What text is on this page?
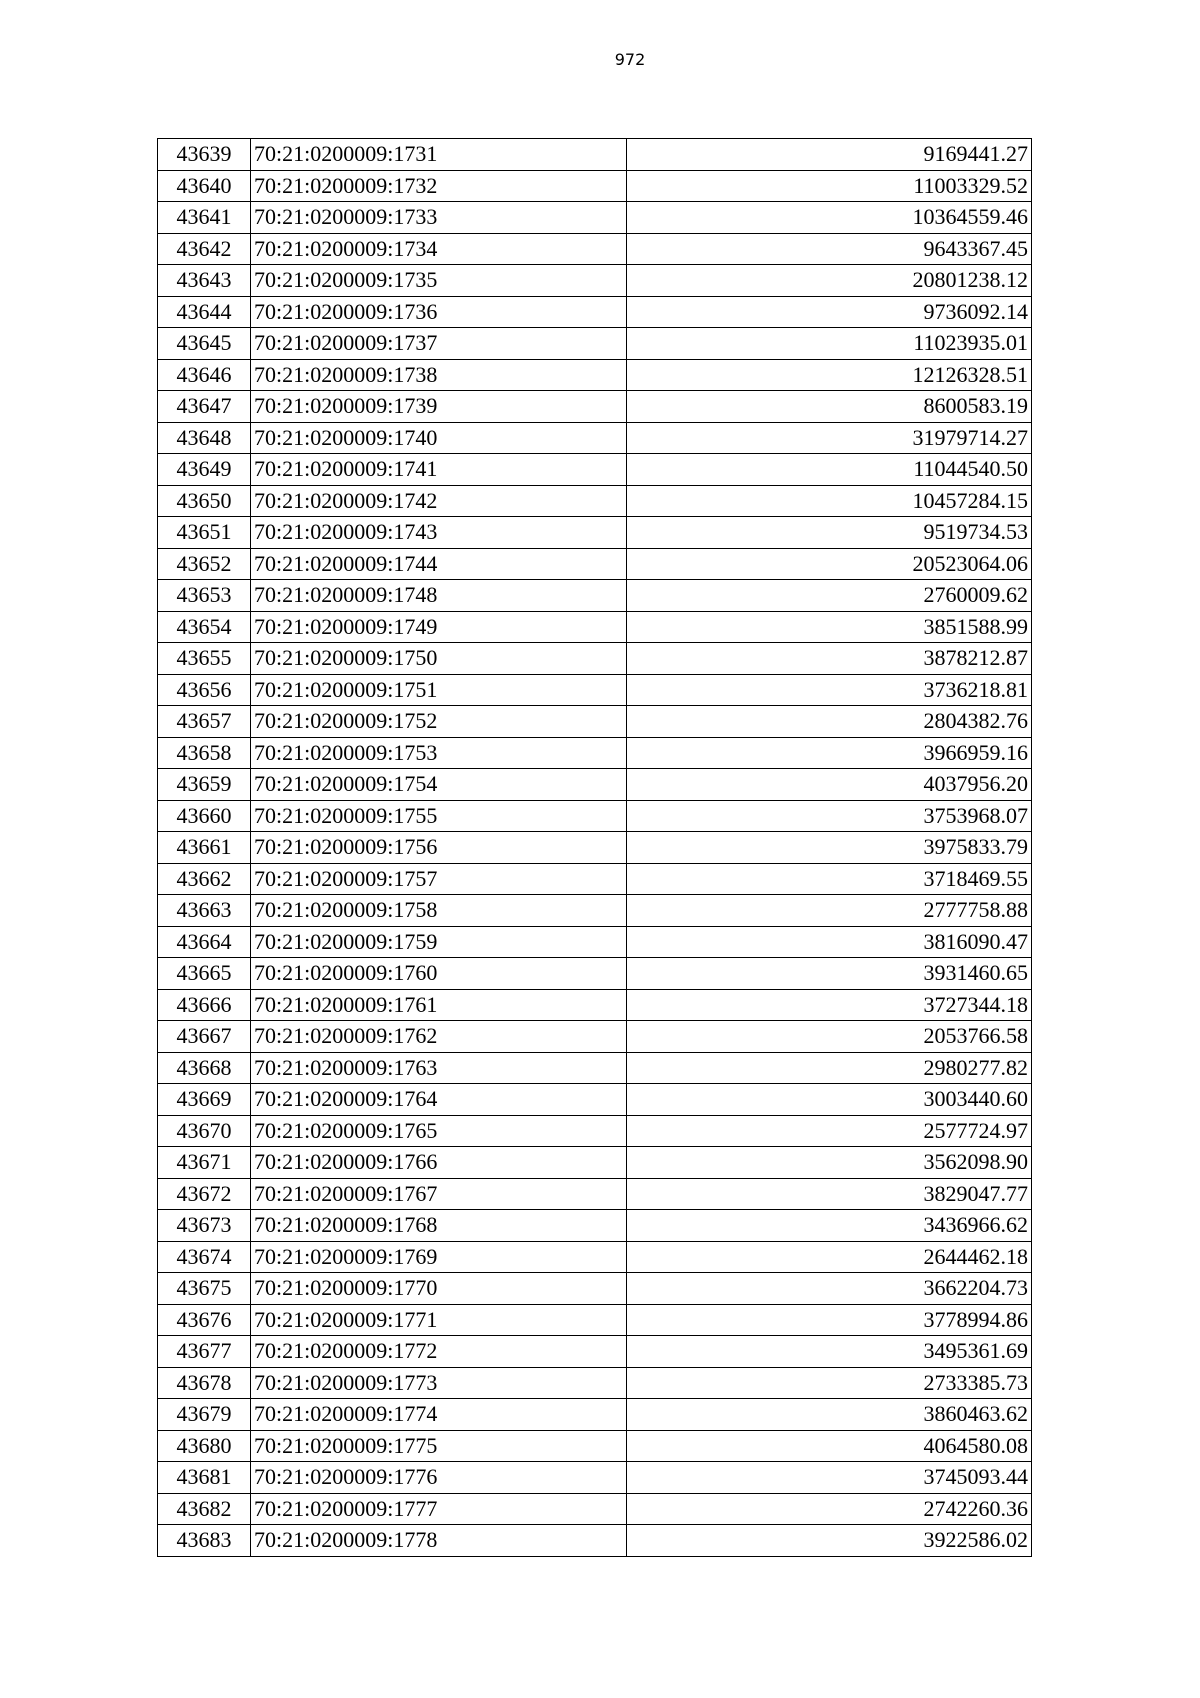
972
43639	70:21:0200009:1731	9169441.27
43640	70:21:0200009:1732	11003329.52
43641	70:21:0200009:1733	10364559.46
43642	70:21:0200009:1734	9643367.45
43643	70:21:0200009:1735	20801238.12
43644	70:21:0200009:1736	9736092.14
43645	70:21:0200009:1737	11023935.01
43646	70:21:0200009:1738	12126328.51
43647	70:21:0200009:1739	8600583.19
43648	70:21:0200009:1740	31979714.27
43649	70:21:0200009:1741	11044540.50
43650	70:21:0200009:1742	10457284.15
43651	70:21:0200009:1743	9519734.53
43652	70:21:0200009:1744	20523064.06
43653	70:21:0200009:1748	2760009.62
43654	70:21:0200009:1749	3851588.99
43655	70:21:0200009:1750	3878212.87
43656	70:21:0200009:1751	3736218.81
43657	70:21:0200009:1752	2804382.76
43658	70:21:0200009:1753	3966959.16
43659	70:21:0200009:1754	4037956.20
43660	70:21:0200009:1755	3753968.07
43661	70:21:0200009:1756	3975833.79
43662	70:21:0200009:1757	3718469.55
43663	70:21:0200009:1758	2777758.88
43664	70:21:0200009:1759	3816090.47
43665	70:21:0200009:1760	3931460.65
43666	70:21:0200009:1761	3727344.18
43667	70:21:0200009:1762	2053766.58
43668	70:21:0200009:1763	2980277.82
43669	70:21:0200009:1764	3003440.60
43670	70:21:0200009:1765	2577724.97
43671	70:21:0200009:1766	3562098.90
43672	70:21:0200009:1767	3829047.77
43673	70:21:0200009:1768	3436966.62
43674	70:21:0200009:1769	2644462.18
43675	70:21:0200009:1770	3662204.73
43676	70:21:0200009:1771	3778994.86
43677	70:21:0200009:1772	3495361.69
43678	70:21:0200009:1773	2733385.73
43679	70:21:0200009:1774	3860463.62
43680	70:21:0200009:1775	4064580.08
43681	70:21:0200009:1776	3745093.44
43682	70:21:0200009:1777	2742260.36
43683	70:21:0200009:1778	3922586.02
